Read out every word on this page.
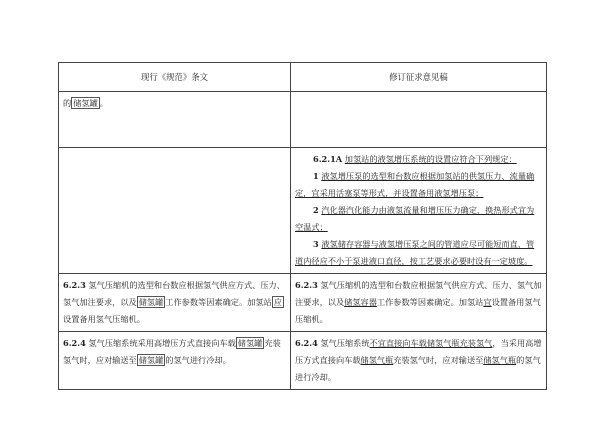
现行《规范》条文	修订征求意见稿
的 储氢罐 。	

	6.2.1A 加氢站的液氢增压系统的设置应符合下列规定：
1 液氢增压泵的选型和台数应根据加氢站的供氢压力、流量确定，宜采用活塞泵等形式，并设置备用液氢增压泵；
2 汽化器汽化能力由液氢流量和增压压力确定，换热形式宜为空温式；
3 液氢储存容器与液氢增压泵之间的管道应尽可能短而直，管道内径应不小于泵进液口直径，按工艺要求必要时设有一定坡度。

6.2.3 氢气压缩机的选型和台数应根据氢气供应方式、压力、氢气加注要求，以及 储氢罐 工作参数等因素确定。加氢站 应设置备用氢气压缩机。	6.2.3 氢气压缩机的选型和台数应根据氢气供应方式、压力、氢气加注要求，以及储氢容器工作参数等因素确定。加氢站宜设置备用氢气压缩机。
6.2.4 氢气压缩系统采用高增压方式直接向车载 储氢罐 充装氢气时，应对输送至 储氢罐 的氢气进行冷却。	6.2.4 氢气压缩系统不宜直接向车载储氢气瓶充装氢气，当采用高增压方式直接向车载储氢气瓶充装氢气时，应对输送至储氢气瓶的氢气进行冷却。
